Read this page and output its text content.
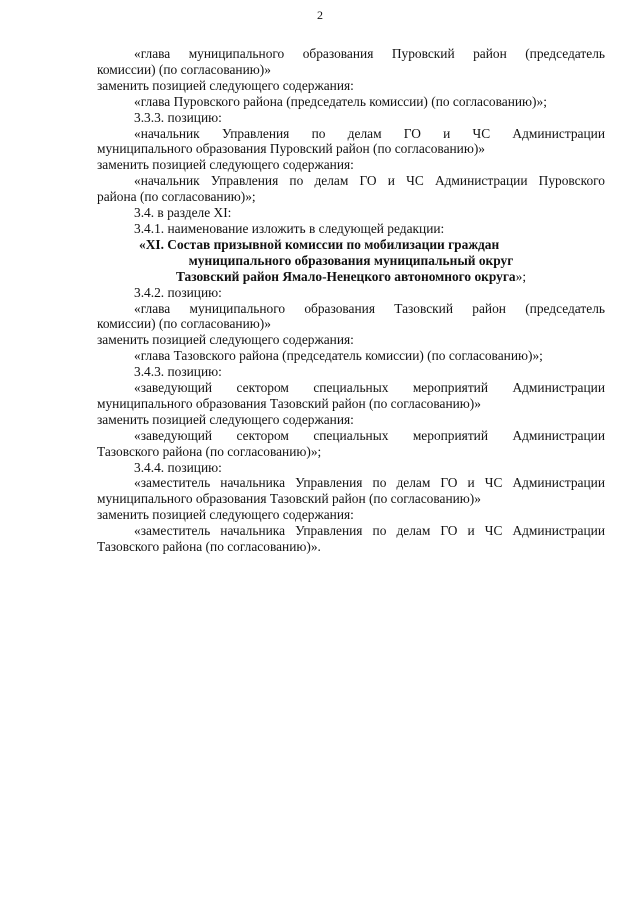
2
«глава муниципального образования Пуровский район (председатель
комиссии) (по согласованию)»
заменить позицией следующего содержания:
«глава Пуровского района (председатель комиссии) (по согласованию)»;
3.3.3. позицию:
«начальник Управления по делам ГО и ЧС Администрации
муниципального образования Пуровский район (по согласованию)»
заменить позицией следующего содержания:
«начальник Управления по делам ГО и ЧС Администрации Пуровского
района (по согласованию)»;
3.4. в разделе XI:
3.4.1. наименование изложить в следующей редакции:
«XI. Состав призывной комиссии по мобилизации граждан
муниципального образования муниципальный округ
Тазовский район Ямало-Ненецкого автономного округа»;
3.4.2. позицию:
«глава муниципального образования Тазовский район (председатель
комиссии) (по согласованию)»
заменить позицией следующего содержания:
«глава Тазовского района (председатель комиссии) (по согласованию)»;
3.4.3. позицию:
«заведующий сектором специальных мероприятий Администрации
муниципального образования Тазовский район (по согласованию)»
заменить позицией следующего содержания:
«заведующий сектором специальных мероприятий Администрации
Тазовского района (по согласованию)»;
3.4.4. позицию:
«заместитель начальника Управления по делам ГО и ЧС Администрации
муниципального образования Тазовский район (по согласованию)»
заменить позицией следующего содержания:
«заместитель начальника Управления по делам ГО и ЧС Администрации
Тазовского района (по согласованию)».
